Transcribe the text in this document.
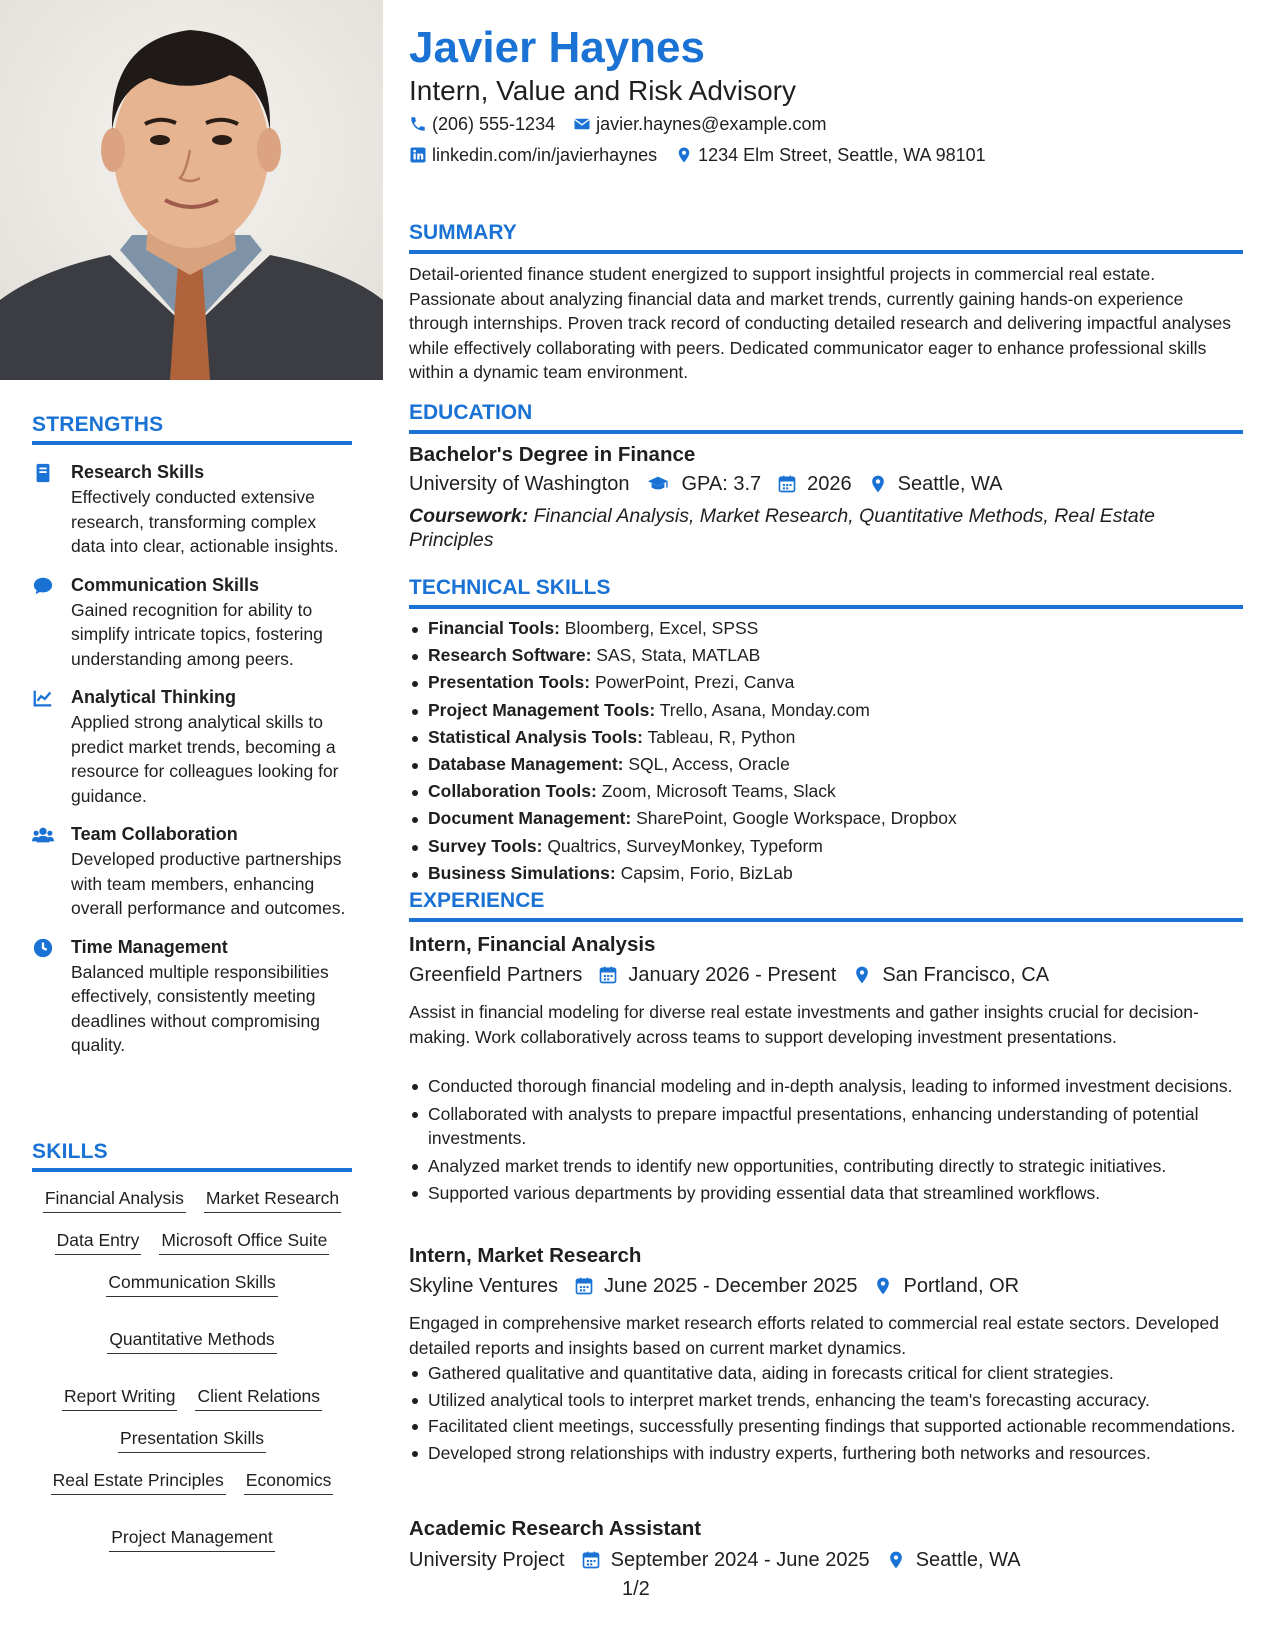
STRENGTHS
Research Skills
Effectively conducted extensive research, transforming complex data into clear, actionable insights.
Communication Skills
Gained recognition for ability to simplify intricate topics, fostering understanding among peers.
Analytical Thinking
Applied strong analytical skills to predict market trends, becoming a resource for colleagues looking for guidance.
Team Collaboration
Developed productive partnerships with team members, enhancing overall performance and outcomes.
Time Management
Balanced multiple responsibilities effectively, consistently meeting deadlines without compromising quality.
SKILLS
Financial Analysis Market Research
Data Entry Microsoft Office Suite
Communication Skills
Quantitative Methods
Report Writing Client Relations
Presentation Skills
Real Estate Principles Economics
Project Management
Javier Haynes
Intern, Value and Risk Advisory
(206) 555-1234 javier.haynes@example.com
linkedin.com/in/javierhaynes 1234 Elm Street, Seattle, WA 98101
SUMMARY
Detail-oriented finance student energized to support insightful projects in commercial real estate. Passionate about analyzing financial data and market trends, currently gaining hands-on experience through internships. Proven track record of conducting detailed research and delivering impactful analyses while effectively collaborating with peers. Dedicated communicator eager to enhance professional skills within a dynamic team environment.
EDUCATION
Bachelor's Degree in Finance
University of Washington	GPA: 3.7 2026 Seattle, WA
Coursework: Financial Analysis, Market Research, Quantitative Methods, Real Estate Principles
TECHNICAL SKILLS
Financial Tools: Bloomberg, Excel, SPSS
Research Software: SAS, Stata, MATLAB
Presentation Tools: PowerPoint, Prezi, Canva
Project Management Tools: Trello, Asana, Monday.com
Statistical Analysis Tools: Tableau, R, Python
Database Management: SQL, Access, Oracle
Collaboration Tools: Zoom, Microsoft Teams, Slack
Document Management: SharePoint, Google Workspace, Dropbox
Survey Tools: Qualtrics, SurveyMonkey, Typeform
Business Simulations: Capsim, Forio, BizLab
EXPERIENCE
Intern, Financial Analysis
Greenfield Partners January 2026 - Present San Francisco, CA
Assist in financial modeling for diverse real estate investments and gather insights crucial for decision-making. Work collaboratively across teams to support developing investment presentations.
Conducted thorough financial modeling and in-depth analysis, leading to informed investment decisions.
Collaborated with analysts to prepare impactful presentations, enhancing understanding of potential investments.
Analyzed market trends to identify new opportunities, contributing directly to strategic initiatives.
Supported various departments by providing essential data that streamlined workflows.
Intern, Market Research
Skyline Ventures June 2025 - December 2025 Portland, OR
Engaged in comprehensive market research efforts related to commercial real estate sectors. Developed detailed reports and insights based on current market dynamics.
Gathered qualitative and quantitative data, aiding in forecasts critical for client strategies.
Utilized analytical tools to interpret market trends, enhancing the team's forecasting accuracy.
Facilitated client meetings, successfully presenting findings that supported actionable recommendations.
Developed strong relationships with industry experts, furthering both networks and resources.
Academic Research Assistant
University Project September 2024 - June 2025 Seattle, WA
1/2
